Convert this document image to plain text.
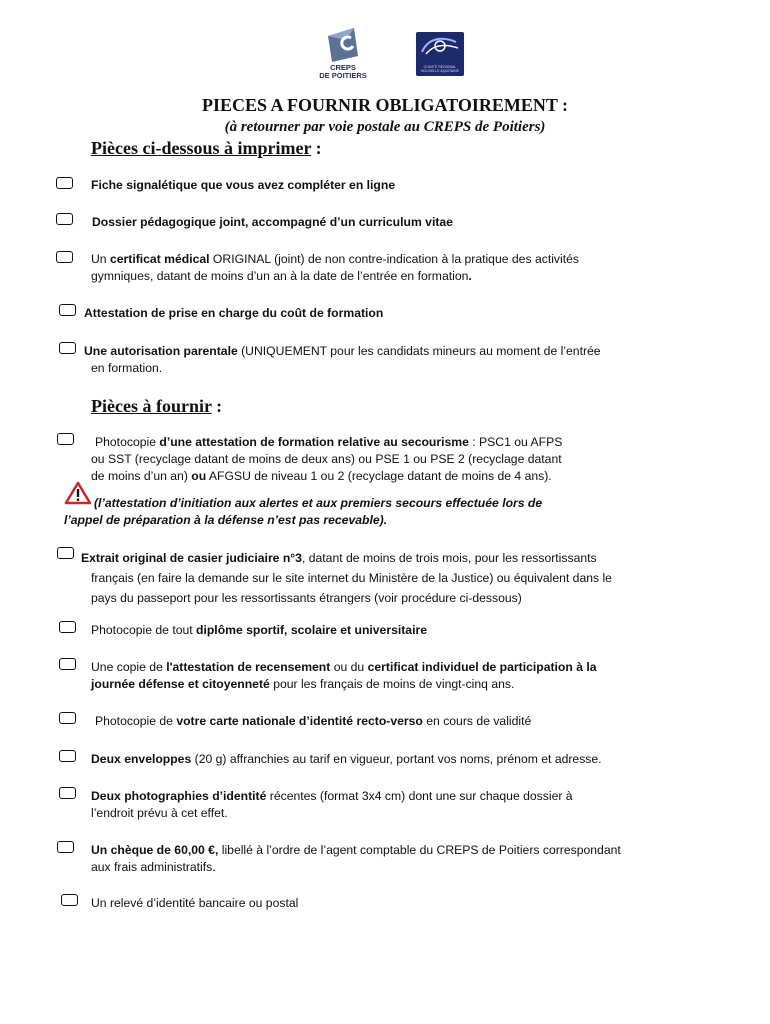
CREPS
DE POITIERS
COMITÉ RÉGIONAL NOUVELLE AQUITAINE
PIECES A FOURNIR OBLIGATOIREMENT :
(à retourner par voie postale au CREPS de Poitiers)
Pièces ci-dessous à imprimer :
Fiche signalétique que vous avez compléter en ligne
Dossier pédagogique joint, accompagné d’un curriculum vitae
Un certificat médical ORIGINAL (joint) de non contre-indication à la pratique des activités
gymniques, datant de moins d’un an à la date de l’entrée en formation.
Attestation de prise en charge du coût de formation
Une autorisation parentale (UNIQUEMENT pour les candidats mineurs au moment de l’entrée
en formation.
Pièces à fournir :
Photocopie d’une attestation de formation relative au secourisme : PSC1 ou AFPS
ou SST (recyclage datant de moins de deux ans) ou PSE 1 ou PSE 2 (recyclage datant
de moins d’un an) ou AFGSU de niveau 1 ou 2 (recyclage datant de moins de 4 ans).
(l’attestation d’initiation aux alertes et aux premiers secours effectuée lors de
l’appel de préparation à la défense n’est pas recevable).
Extrait original de casier judiciaire n°3, datant de moins de trois mois, pour les ressortissants
français (en faire la demande sur le site internet du Ministère de la Justice) ou équivalent dans le
pays du passeport pour les ressortissants étrangers (voir procédure ci-dessous)
Photocopie de tout diplôme sportif, scolaire et universitaire
Une copie de l'attestation de recensement ou du certificat individuel de participation à la
journée défense et citoyenneté pour les français de moins de vingt-cinq ans.
Photocopie de votre carte nationale d’identité recto-verso en cours de validité
Deux enveloppes (20 g) affranchies au tarif en vigueur, portant vos noms, prénom et adresse.
Deux photographies d’identité récentes (format 3x4 cm) dont une sur chaque dossier à
l’endroit prévu à cet effet.
Un chèque de 60,00 €, libellé à l’ordre de l’agent comptable du CREPS de Poitiers correspondant
aux frais administratifs.
Un relevé d’identité bancaire ou postal
